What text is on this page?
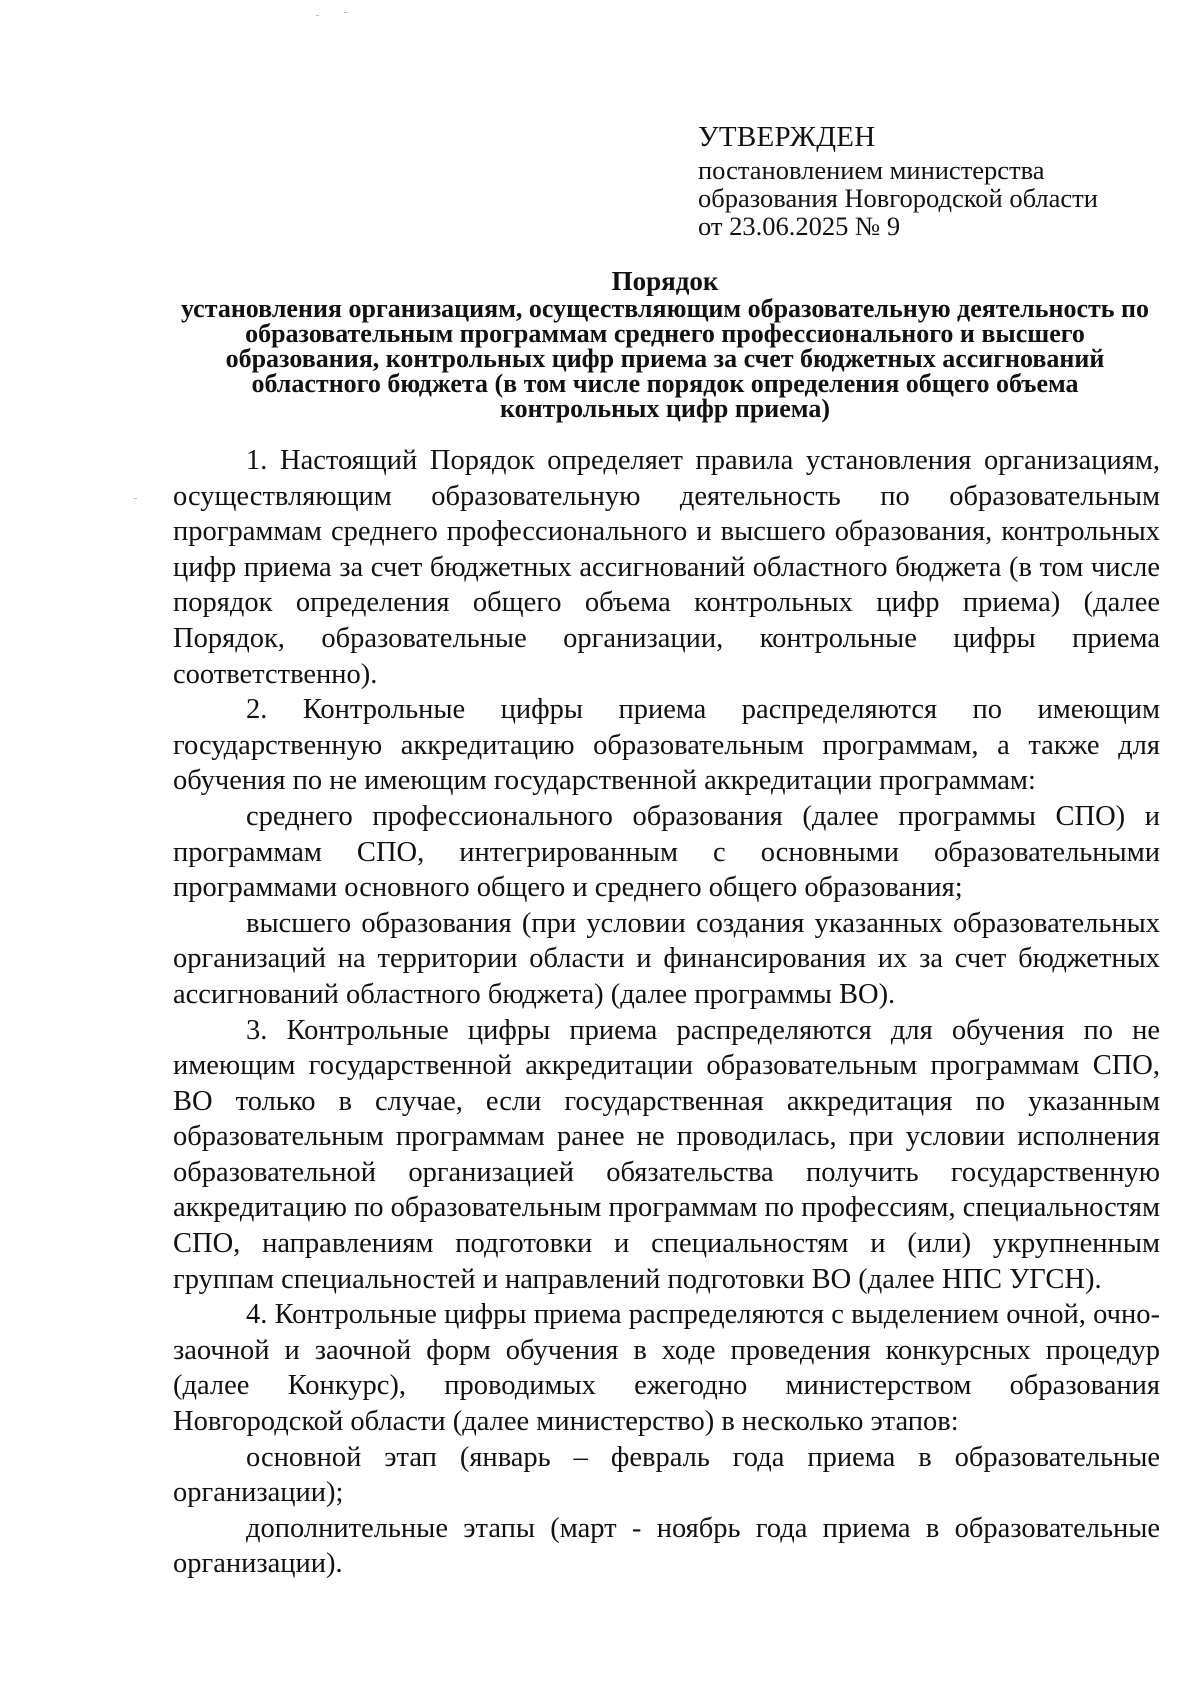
УТВЕРЖДЕН
постановлением министерства
образования Новгородской области
от 23.06.2025 № 9
Порядок
установления организациям, осуществляющим образовательную деятельность по образовательным программам среднего профессионального и высшего образования, контрольных цифр приема за счет бюджетных ассигнований областного бюджета (в том числе порядок определения общего объема контрольных цифр приема)

1. Настоящий Порядок определяет правила установления организациям, осуществляющим образовательную деятельность по образовательным программам среднего профессионального и высшего образования, контрольных цифр приема за счет бюджетных ассигнований областного бюджета (в том числе порядок определения общего объема контрольных цифр приема) (далее Порядок, образовательные организации, контрольные цифры приема соответственно).

2. Контрольные цифры приема распределяются по имеющим государственную аккредитацию образовательным программам, а также для обучения по не имеющим государственной аккредитации программам:

среднего профессионального образования (далее программы СПО) и программам СПО, интегрированным с основными образовательными программами основного общего и среднего общего образования;

высшего образования (при условии создания указанных образовательных организаций на территории области и финансирования их за счет бюджетных ассигнований областного бюджета) (далее программы ВО).

3. Контрольные цифры приема распределяются для обучения по не имеющим государственной аккредитации образовательным программам СПО, ВО только в случае, если государственная аккредитация по указанным образовательным программам ранее не проводилась, при условии исполнения образовательной организацией обязательства получить государственную аккредитацию по образовательным программам по профессиям, специальностям СПО, направлениям подготовки и специальностям и (или) укрупненным группам специальностей и направлений подготовки ВО (далее НПС УГСН).

4. Контрольные цифры приема распределяются с выделением очной, очно-заочной и заочной форм обучения в ходе проведения конкурсных процедур (далее Конкурс), проводимых ежегодно министерством образования Новгородской области (далее министерство) в несколько этапов:

основной этап (январь – февраль года приема в образовательные организации);

дополнительные этапы (март - ноябрь года приема в образовательные организации).
